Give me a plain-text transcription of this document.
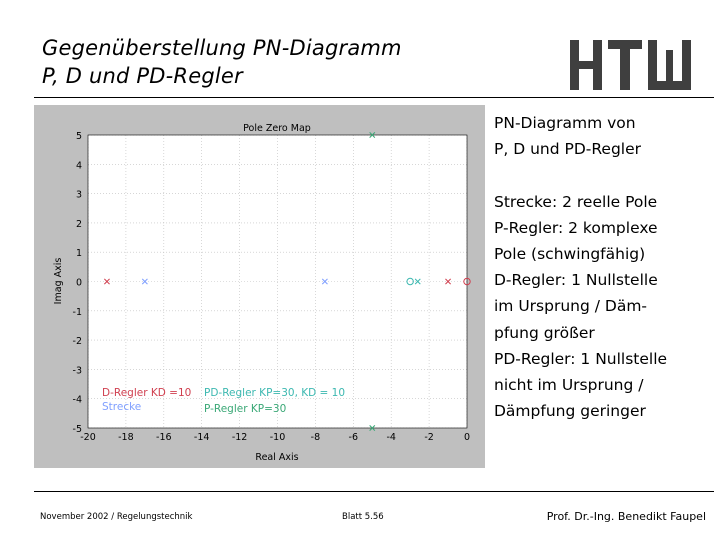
Gegenüberstellung PN-Diagramm
P, D und PD-Regler
5
4
3
2
1
0
-1
-2
-3
-4
-5
-20 -18 -16 -14 -12 -10	-8	-6	-4	-2	0
Pole Zero Map
Real Axis
Imag Axis
D-Regler KD =10
Strecke
PD-Regler KP=30, KD = 10
P-Regler KP=30
PN-Diagramm von
P, D und PD-Regler

Strecke: 2 reelle Pole
P-Regler: 2 komplexe
Pole (schwingfähig)
D-Regler: 1 Nullstelle
im Ursprung / Däm-
pfung größer
PD-Regler: 1 Nullstelle
nicht im Ursprung /
Dämpfung geringer
November 2002 / Regelungstechnik	Blatt 5.56	Prof. Dr.-Ing. Benedikt Faupel
